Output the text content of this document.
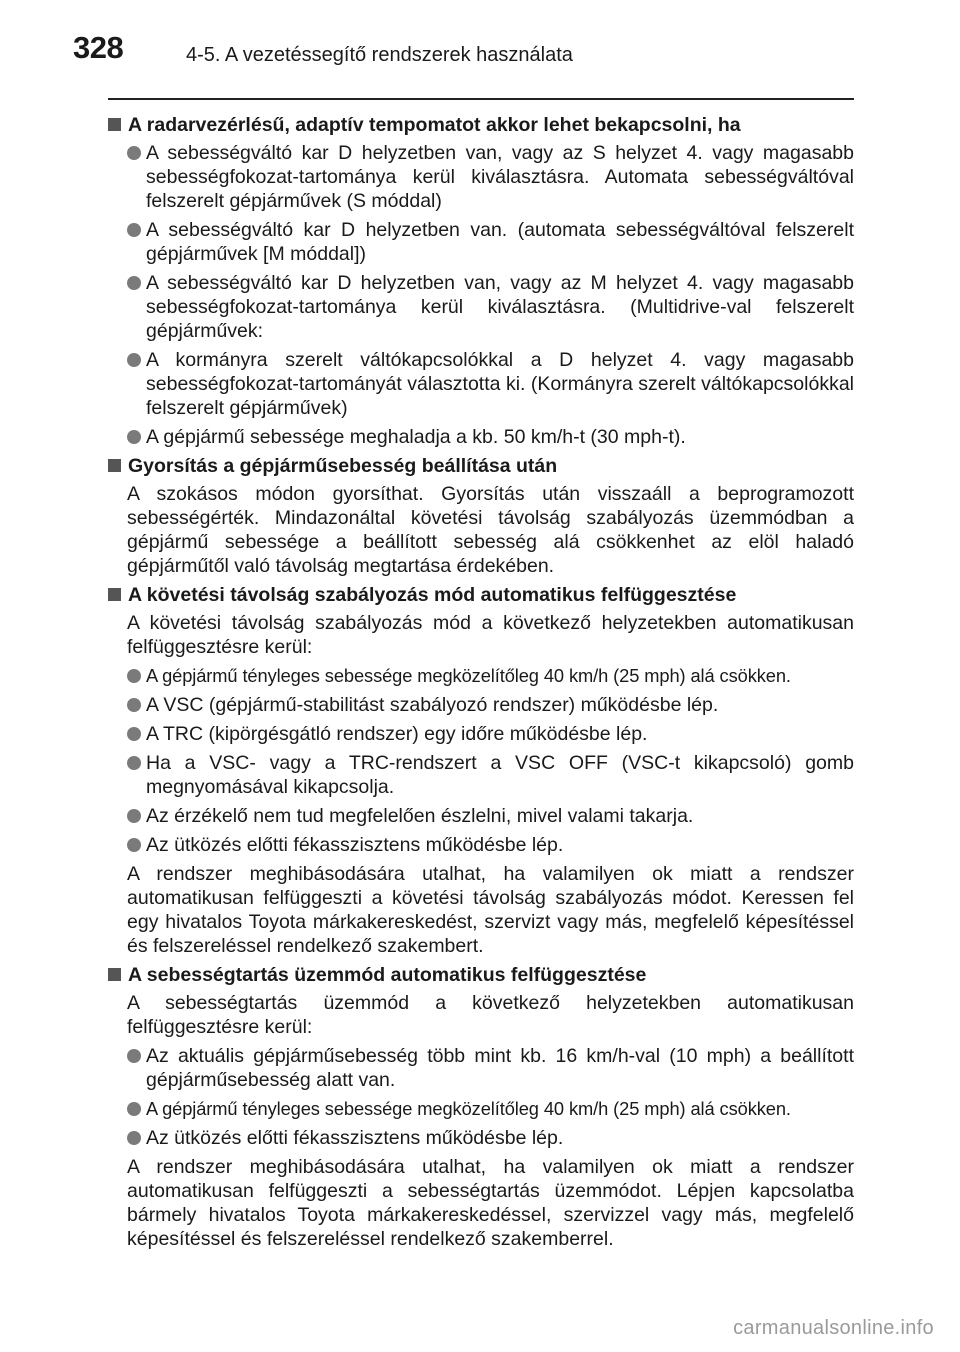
328	4-5. A vezetéssegítő rendszerek használata
A radarvezérlésű, adaptív tempomatot akkor lehet bekapcsolni, ha
A sebességváltó kar D helyzetben van, vagy az S helyzet 4. vagy magasabb sebességfokozat-tartománya kerül kiválasztásra. Automata sebességváltóval felszerelt gépjárművek (S móddal)
A sebességváltó kar D helyzetben van. (automata sebességváltóval felszerelt gépjárművek [M móddal])
A sebességváltó kar D helyzetben van, vagy az M helyzet 4. vagy magasabb sebességfokozat-tartománya kerül kiválasztásra. (Multidrive-val felszerelt gépjárművek:
A kormányra szerelt váltókapcsolókkal a D helyzet 4. vagy magasabb sebességfokozat-tartományát választotta ki. (Kormányra szerelt váltókapcsolókkal felszerelt gépjárművek)
A gépjármű sebessége meghaladja a kb. 50 km/h-t (30 mph-t).
Gyorsítás a gépjárműsebesség beállítása után
A szokásos módon gyorsíthat. Gyorsítás után visszaáll a beprogramozott sebességérték. Mindazonáltal követési távolság szabályozás üzemmódban a gépjármű sebessége a beállított sebesség alá csökkenhet az elöl haladó gépjárműtől való távolság megtartása érdekében.
A követési távolság szabályozás mód automatikus felfüggesztése
A követési távolság szabályozás mód a következő helyzetekben automatikusan felfüggesztésre kerül:
A gépjármű tényleges sebessége megközelítőleg 40 km/h (25 mph) alá csökken.
A VSC (gépjármű-stabilitást szabályozó rendszer) működésbe lép.
A TRC (kipörgésgátló rendszer) egy időre működésbe lép.
Ha a VSC- vagy a TRC-rendszert a VSC OFF (VSC-t kikapcsoló) gomb megnyomásával kikapcsolja.
Az érzékelő nem tud megfelelően észlelni, mivel valami takarja.
Az ütközés előtti fékasszisztens működésbe lép.
A rendszer meghibásodására utalhat, ha valamilyen ok miatt a rendszer automatikusan felfüggeszti a követési távolság szabályozás módot. Keressen fel egy hivatalos Toyota márkakereskedést, szervizt vagy más, megfelelő képesítéssel és felszereléssel rendelkező szakembert.
A sebességtartás üzemmód automatikus felfüggesztése
A sebességtartás üzemmód a következő helyzetekben automatikusan felfüggesztésre kerül:
Az aktuális gépjárműsebesség több mint kb. 16 km/h-val (10 mph) a beállított gépjárműsebesség alatt van.
A gépjármű tényleges sebessége megközelítőleg 40 km/h (25 mph) alá csökken.
Az ütközés előtti fékasszisztens működésbe lép.
A rendszer meghibásodására utalhat, ha valamilyen ok miatt a rendszer automatikusan felfüggeszti a sebességtartás üzemmódot. Lépjen kapcsolatba bármely hivatalos Toyota márkakereskedéssel, szervizzel vagy más, megfelelő képesítéssel és felszereléssel rendelkező szakemberrel.
carmanualsonline.info
